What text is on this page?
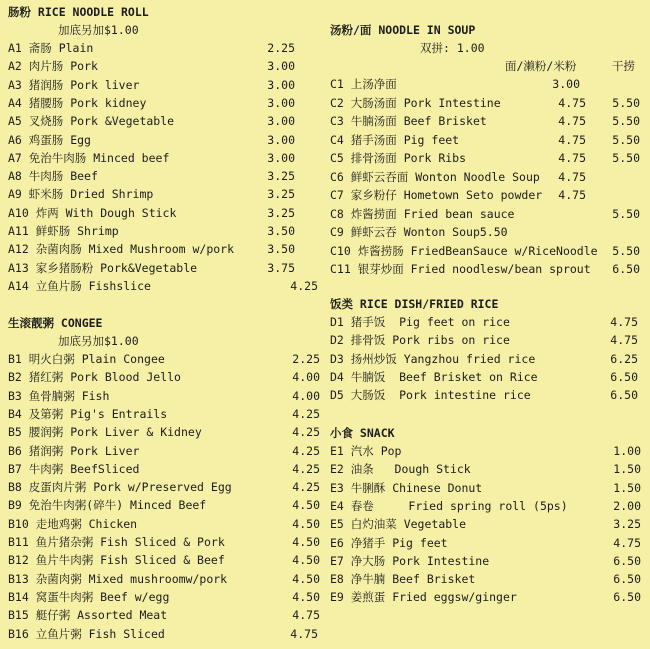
肠粉 RICE NOODLE ROLL
加底另加$1.00
A1 斋肠 Plain	2.25
A2 肉片肠 Pork	3.00
A3 猪润肠 Pork liver	3.00
A4 猪腰肠 Pork kidney	3.00
A5 叉烧肠 Pork &Vegetable	3.00
A6 鸡蛋肠 Egg	3.00
A7 免治牛肉肠 Minced beef	3.00
A8 牛肉肠 Beef	3.25
A9 虾米肠 Dried Shrimp	3.25
A10 炸两 With Dough Stick	3.25
A11 鲜虾肠 Shrimp	3.50
A12 杂菌肉肠 Mixed Mushroom w/pork	3.50
A13 家乡猪肠粉 Pork&Vegetable	3.75
A14 立鱼片肠 Fishslice	4.25
生滚靓粥 CONGEE
加底另加$1.00
B1 明火白粥 Plain Congee	2.25
B2 猪红粥 Pork Blood Jello	4.00
B3 鱼骨腩粥 Fish	4.00
B4 及第粥 Pig's Entrails	4.25
B5 腰润粥 Pork Liver & Kidney	4.25
B6 猪润粥 Pork Liver	4.25
B7 牛肉粥 BeefSliced	4.25
B8 皮蛋肉片粥 Pork w/Preserved Egg	4.25
B9 免治牛肉粥(碎牛) Minced Beef	4.50
B10 走地鸡粥 Chicken	4.50
B11 鱼片猪杂粥 Fish Sliced & Pork	4.50
B12 鱼片牛肉粥 Fish Sliced & Beef	4.50
B13 杂菌肉粥 Mixed mushroomw/pork	4.50
B14 窝蛋牛肉粥 Beef w/egg	4.50
B15 艇仔粥 Assorted Meat	4.75
B16 立鱼片粥 Fish Sliced	4.75
汤粉/面 NOODLE IN SOUP
双拼: 1.00
面/濑粉/米粉	干捞
C1 上汤净面	3.00
C2 大肠汤面 Pork Intestine	4.75 5.50
C3 牛腩汤面 Beef Brisket	4.75 5.50
C4 猪手汤面 Pig feet	4.75 5.50
C5 排骨汤面 Pork Ribs	4.75 5.50
C6 鲜虾云吞面 Wonton Noodle Soup 4.75
C7 家乡粉仔 Hometown Seto powder 4.75
C8 炸酱捞面 Fried bean sauce	5.50
C9 鲜虾云吞 Wonton Soup5.50
C10 炸酱捞肠 FriedBeanSauce w/RiceNoodle 5.50
C11 银芽炒面 Fried noodlesw/bean sprout 6.50
饭类 RICE DISH/FRIED RICE
D1 猪手饭  Pig feet on rice	4.75
D2 排骨饭 Pork ribs on rice	4.75
D3 扬州炒饭 Yangzhou fried rice	6.25
D4 牛腩饭  Beef Brisket on Rice	6.50
D5 大肠饭  Pork intestine rice	6.50
小食 SNACK
E1 汽水 Pop	1.00
E2 油条   Dough Stick	1.50
E3 牛脷酥 Chinese Donut	1.50
E4 春卷     Fried spring roll (5ps)	2.00
E5 白灼油菜 Vegetable	3.25
E6 净猪手 Pig feet	4.75
E7 净大肠 Pork Intestine	6.50
E8 净牛腩 Beef Brisket	6.50
E9 姜煎蛋 Fried eggsw/ginger	6.50
